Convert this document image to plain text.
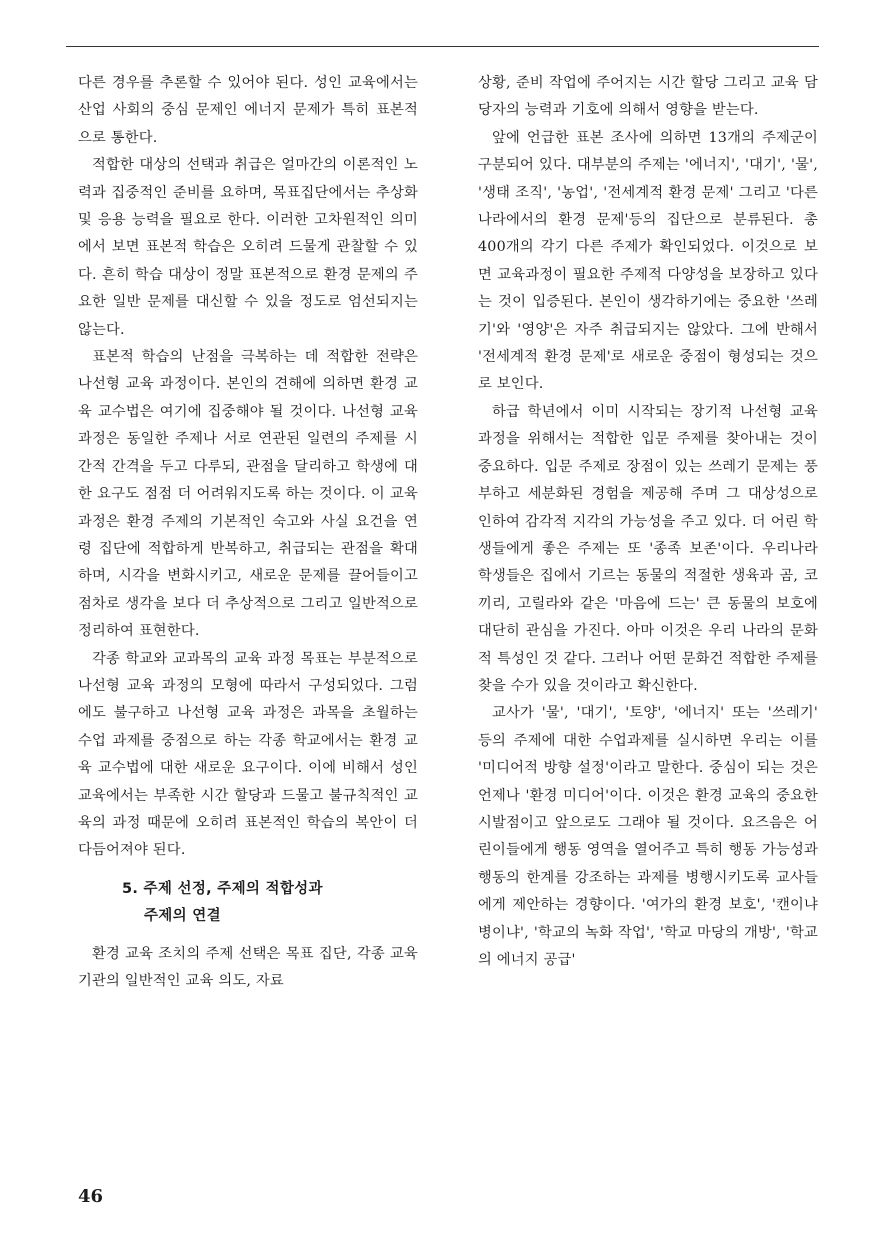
다른 경우를 추론할 수 있어야 된다. 성인 교육에서는 산업 사회의 중심 문제인 에너지 문제가 특히 표본적으로 통한다.

적합한 대상의 선택과 취급은 얼마간의 이론적인 노력과 집중적인 준비를 요하며, 목표집단에서는 추상화 및 응용 능력을 필요로 한다. 이러한 고차원적인 의미에서 보면 표본적 학습은 오히려 드물게 관찰할 수 있다. 흔히 학습 대상이 정말 표본적으로 환경 문제의 주요한 일반 문제를 대신할 수 있을 정도로 엄선되지는 않는다.

표본적 학습의 난점을 극복하는 데 적합한 전략은 나선형 교육 과정이다. 본인의 견해에 의하면 환경 교육 교수법은 여기에 집중해야 될 것이다. 나선형 교육 과정은 동일한 주제나 서로 연관된 일련의 주제를 시간적 간격을 두고 다루되, 관점을 달리하고 학생에 대한 요구도 점점 더 어려워지도록 하는 것이다. 이 교육 과정은 환경 주제의 기본적인 숙고와 사실 요건을 연령 집단에 적합하게 반복하고, 취급되는 관점을 확대하며, 시각을 변화시키고, 새로운 문제를 끌어들이고 점차로 생각을 보다 더 추상적으로 그리고 일반적으로 정리하여 표현한다.

각종 학교와 교과목의 교육 과정 목표는 부분적으로 나선형 교육 과정의 모형에 따라서 구성되었다. 그럼에도 불구하고 나선형 교육 과정은 과목을 초월하는 수업 과제를 중점으로 하는 각종 학교에서는 환경 교육 교수법에 대한 새로운 요구이다. 이에 비해서 성인 교육에서는 부족한 시간 할당과 드물고 불규칙적인 교육의 과정 때문에 오히려 표본적인 학습의 복안이 더 다듬어져야 된다.

5. 주제 선정, 주제의 적합성과
주제의 연결

환경 교육 조치의 주제 선택은 목표 집단, 각종 교육 기관의 일반적인 교육 의도, 자료

상황, 준비 작업에 주어지는 시간 할당 그리고 교육 담당자의 능력과 기호에 의해서 영향을 받는다.

앞에 언급한 표본 조사에 의하면 13개의 주제군이 구분되어 있다. 대부분의 주제는 '에너지', '대기', '물', '생태 조직', '농업', '전세계적 환경 문제' 그리고 '다른 나라에서의 환경 문제'등의 집단으로 분류된다. 총 400개의 각기 다른 주제가 확인되었다. 이것으로 보면 교육과정이 필요한 주제적 다양성을 보장하고 있다는 것이 입증된다. 본인이 생각하기에는 중요한 '쓰레기'와 '영양'은 자주 취급되지는 않았다. 그에 반해서 '전세계적 환경 문제'로 새로운 중점이 형성되는 것으로 보인다.

하급 학년에서 이미 시작되는 장기적 나선형 교육 과정을 위해서는 적합한 입문 주제를 찾아내는 것이 중요하다. 입문 주제로 장점이 있는 쓰레기 문제는 풍부하고 세분화된 경험을 제공해 주며 그 대상성으로 인하여 감각적 지각의 가능성을 주고 있다. 더 어린 학생들에게 좋은 주제는 또 '종족 보존'이다. 우리나라 학생들은 집에서 기르는 동물의 적절한 생육과 곰, 코끼리, 고릴라와 같은 '마음에 드는' 큰 동물의 보호에 대단히 관심을 가진다. 아마 이것은 우리 나라의 문화적 특성인 것 같다. 그러나 어떤 문화건 적합한 주제를 찾을 수가 있을 것이라고 확신한다.

교사가 '물', '대기', '토양', '에너지' 또는 '쓰레기' 등의 주제에 대한 수업과제를 실시하면 우리는 이를 '미디어적 방향 설정'이라고 말한다. 중심이 되는 것은 언제나 '환경 미디어'이다. 이것은 환경 교육의 중요한 시발점이고 앞으로도 그래야 될 것이다. 요즈음은 어린이들에게 행동 영역을 열어주고 특히 행동 가능성과 행동의 한계를 강조하는 과제를 병행시키도록 교사들에게 제안하는 경향이다. '여가의 환경 보호', '캔이냐 병이냐', '학교의 녹화 작업', '학교 마당의 개방', '학교의 에너지 공급'

46
